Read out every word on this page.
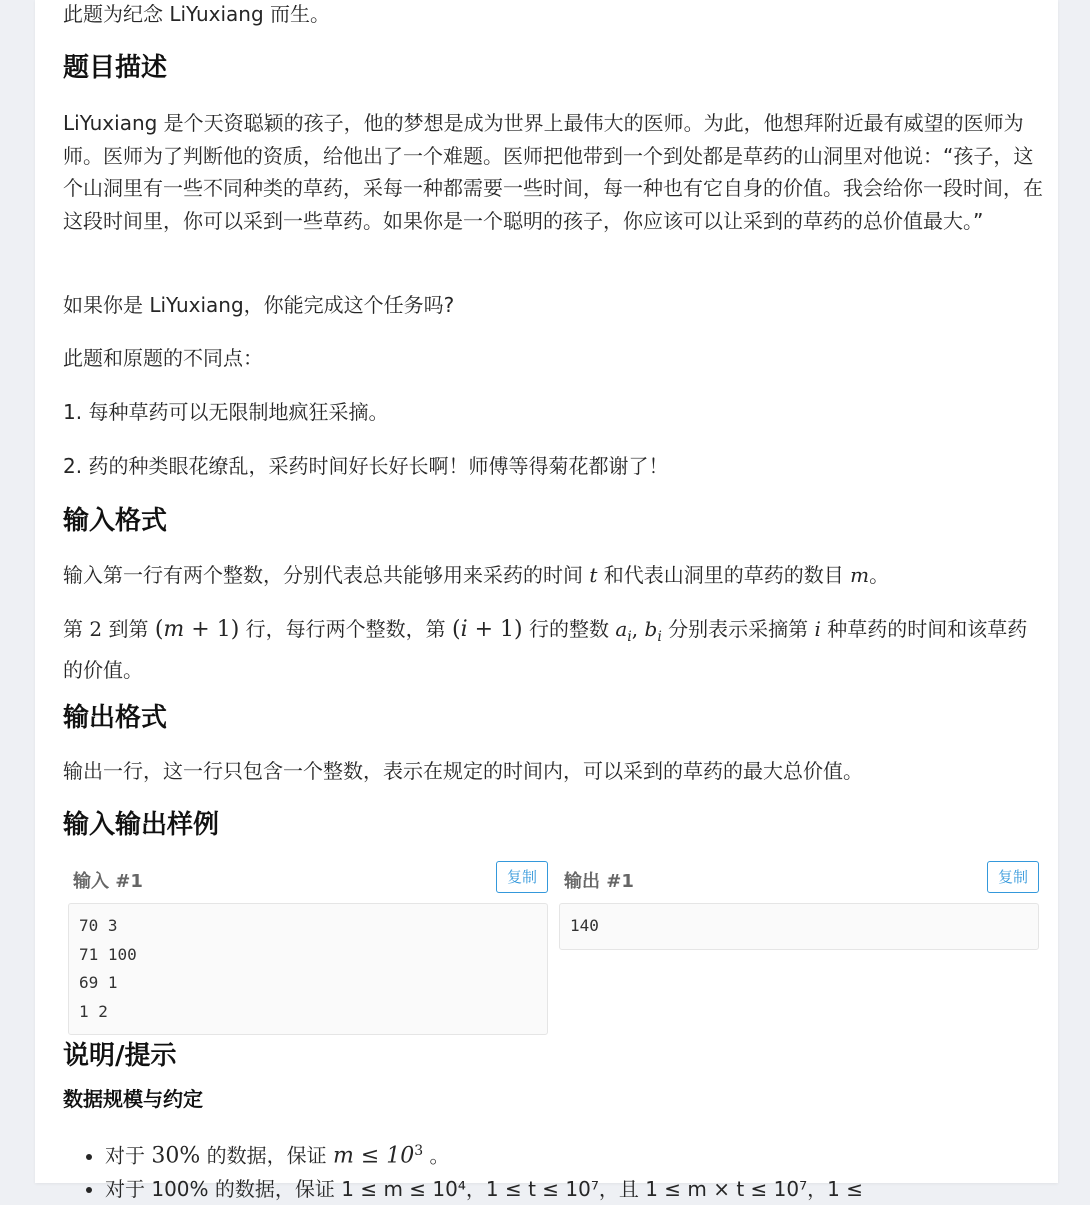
此题为纪念 LiYuxiang 而生。

题目描述

LiYuxiang 是个天资聪颖的孩子，他的梦想是成为世界上最伟大的医师。为此，他想拜附近最有威望的医师为师。医师为了判断他的资质，给他出了一个难题。医师把他带到一个到处都是草药的山洞里对他说：“孩子，这个山洞里有一些不同种类的草药，采每一种都需要一些时间，每一种也有它自身的价值。我会给你一段时间，在这段时间里，你可以采到一些草药。如果你是一个聪明的孩子，你应该可以让采到的草药的总价值最大。”

如果你是 LiYuxiang，你能完成这个任务吗?

此题和原题的不同点：

1. 每种草药可以无限制地疯狂采摘。

2. 药的种类眼花缭乱，采药时间好长好长啊！师傅等得菊花都谢了！

输入格式

输入第一行有两个整数，分别代表总共能够用来采药的时间 t 和代表山洞里的草药的数目 m。

第 2 到第 (m + 1) 行，每行两个整数，第 (i + 1) 行的整数 $a_i$, $b_i$ 分别表示采摘第 i 种草药的时间和该草药的价值。

输出格式

输出一行，这一行只包含一个整数，表示在规定的时间内，可以采到的草药的最大总价值。

输入输出样例
输入 #1	复制
70 3
71 100
69 1
1 2
输出 #1	复制
140
说明/提示
数据规模与约定
• 对于 30% 的数据，保证 $m \le 10^3$ 。
• 对于 100% 的数据，保证 1 ≤ m ≤ 10⁴，1 ≤ t ≤ 10⁷，且 1 ≤ m × t ≤ 10⁷，1 ≤
